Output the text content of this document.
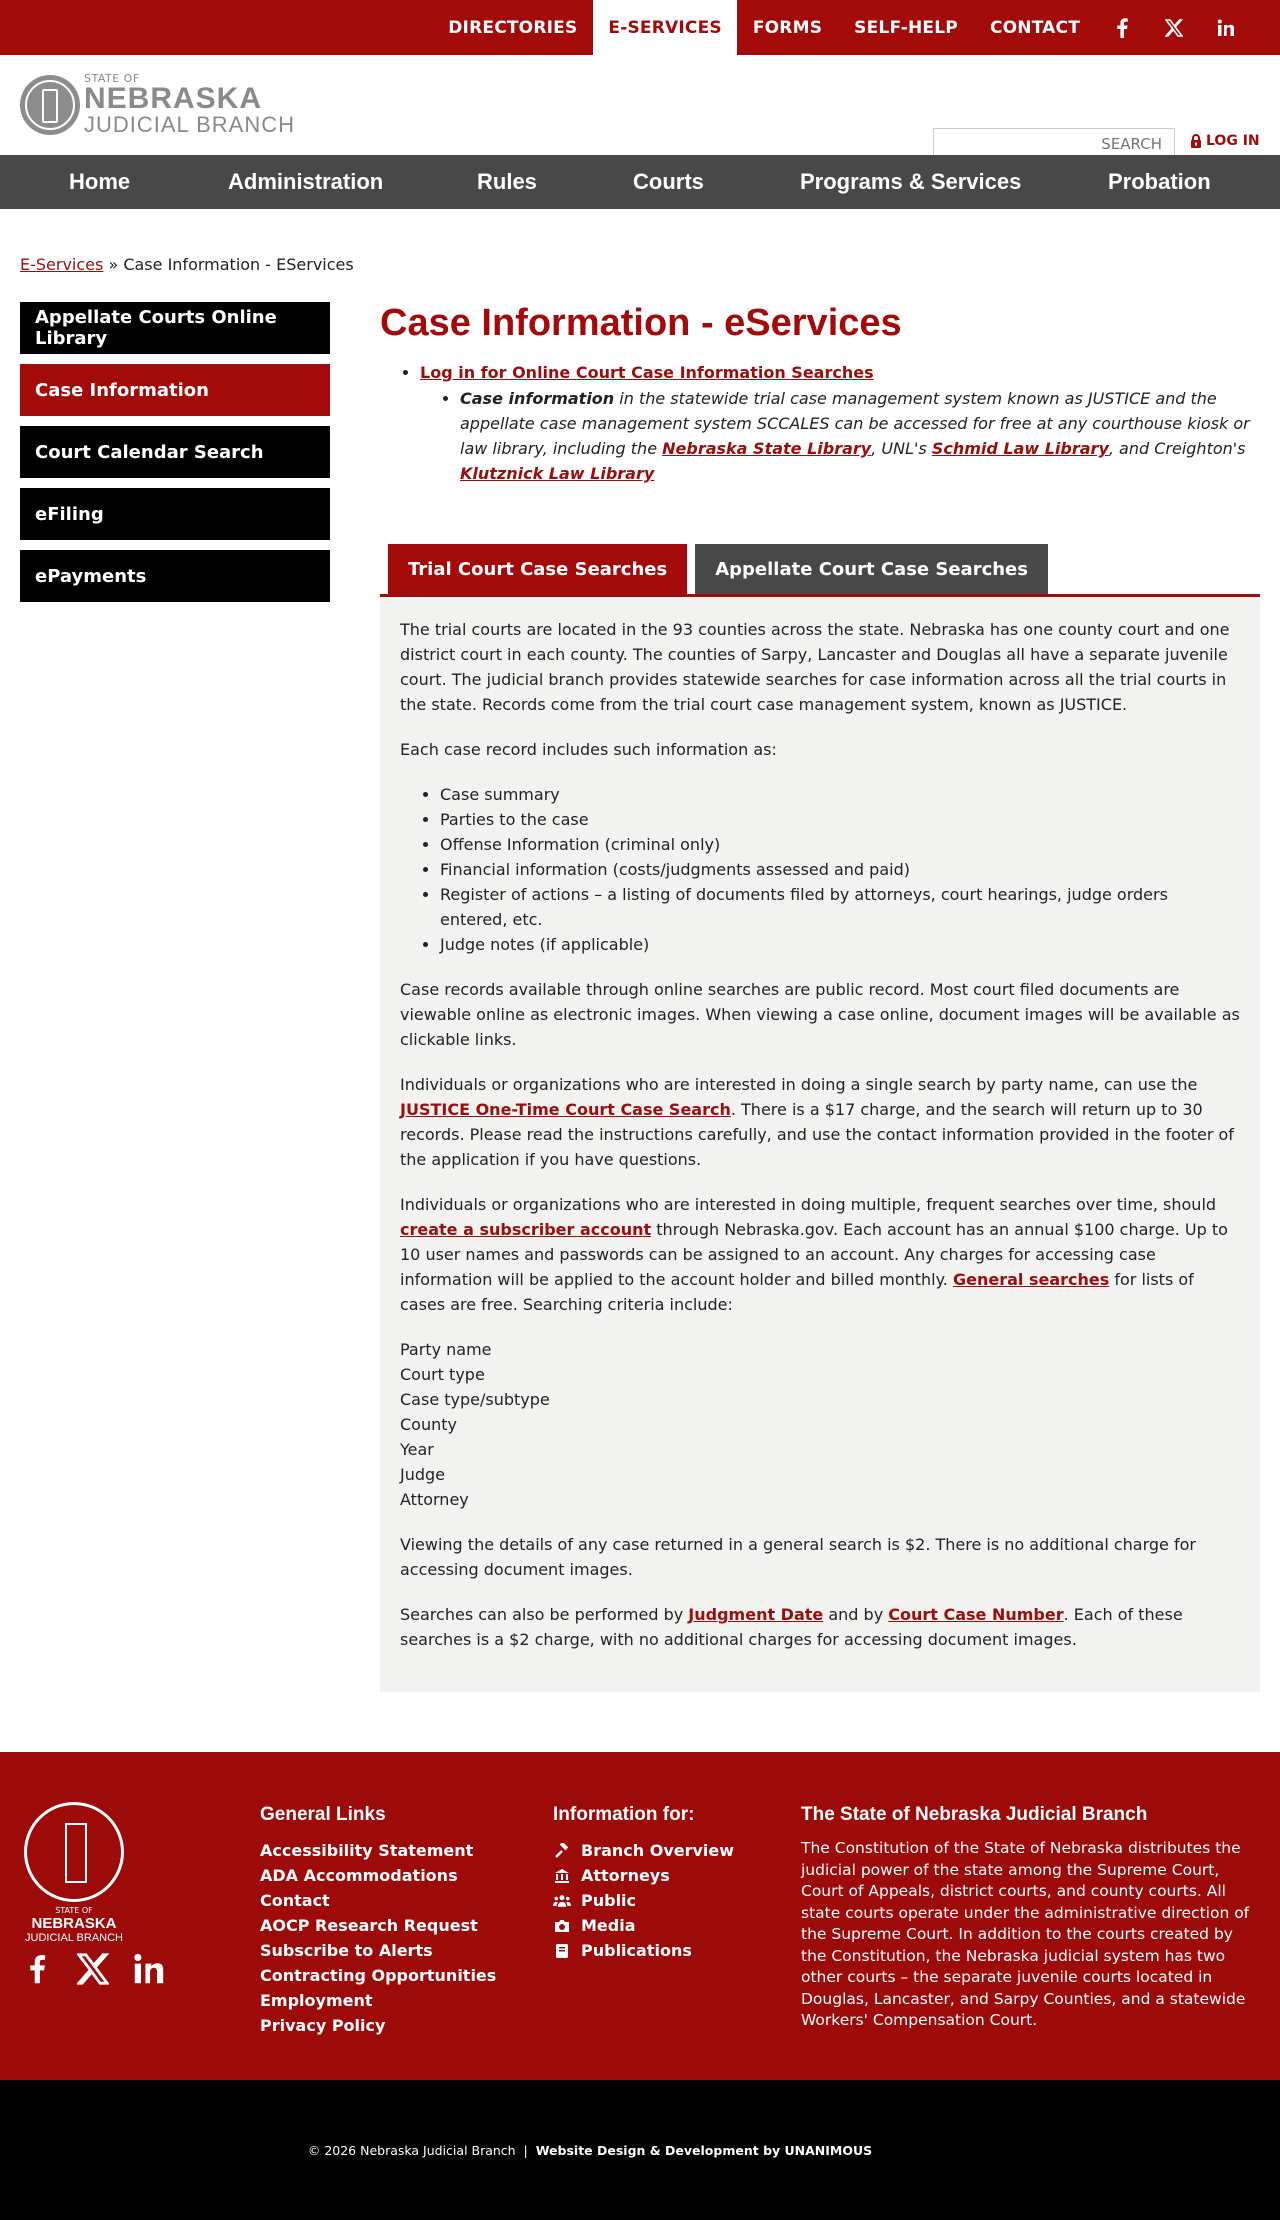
DIRECTORIES	E-SERVICES	FORMS	SELF-HELP	CONTACT
STATE OF
NEBRASKA
JUDICIAL BRANCH
SEARCH
LOG IN
Home	Administration	Rules	Courts	Programs & Services	Probation
E-Services » Case Information - EServices
Appellate Courts Online Library
Case Information
Court Calendar Search
eFiling
ePayments
Case Information - eServices
• Log in for Online Court Case Information Searches
• Case information in the statewide trial case management system known as JUSTICE and the appellate case management system SCCALES can be accessed for free at any courthouse kiosk or law library, including the Nebraska State Library, UNL's Schmid Law Library, and Creighton's Klutznick Law Library
Trial Court Case Searches	Appellate Court Case Searches

The trial courts are located in the 93 counties across the state. Nebraska has one county court and one district court in each county. The counties of Sarpy, Lancaster and Douglas all have a separate juvenile court. The judicial branch provides statewide searches for case information across all the trial courts in the state. Records come from the trial court case management system, known as JUSTICE.

Each case record includes such information as:

• Case summary
• Parties to the case
• Offense Information (criminal only)
• Financial information (costs/judgments assessed and paid)
• Register of actions – a listing of documents filed by attorneys, court hearings, judge orders entered, etc.
• Judge notes (if applicable)

Case records available through online searches are public record. Most court filed documents are viewable online as electronic images. When viewing a case online, document images will be available as clickable links.

Individuals or organizations who are interested in doing a single search by party name, can use the JUSTICE One-Time Court Case Search. There is a $17 charge, and the search will return up to 30 records. Please read the instructions carefully, and use the contact information provided in the footer of the application if you have questions.

Individuals or organizations who are interested in doing multiple, frequent searches over time, should create a subscriber account through Nebraska.gov. Each account has an annual $100 charge. Up to 10 user names and passwords can be assigned to an account. Any charges for accessing case information will be applied to the account holder and billed monthly. General searches for lists of cases are free. Searching criteria include:

Party name
Court type
Case type/subtype
County
Year
Judge
Attorney

Viewing the details of any case returned in a general search is $2. There is no additional charge for accessing document images.

Searches can also be performed by Judgment Date and by Court Case Number. Each of these searches is a $2 charge, with no additional charges for accessing document images.

STATE OF
NEBRASKA
JUDICIAL BRANCH
General Links
Accessibility Statement
ADA Accommodations
Contact
AOCP Research Request
Subscribe to Alerts
Contracting Opportunities
Employment
Privacy Policy
Information for:
Branch Overview
Attorneys
Public
Media
Publications
The State of Nebraska Judicial Branch

The Constitution of the State of Nebraska distributes the judicial power of the state among the Supreme Court, Court of Appeals, district courts, and county courts. All state courts operate under the administrative direction of the Supreme Court. In addition to the courts created by the Constitution, the Nebraska judicial system has two other courts – the separate juvenile courts located in Douglas, Lancaster, and Sarpy Counties, and a statewide Workers' Compensation Court.

© 2026 Nebraska Judicial Branch  | Website Design & Development by UNANIMOUS
